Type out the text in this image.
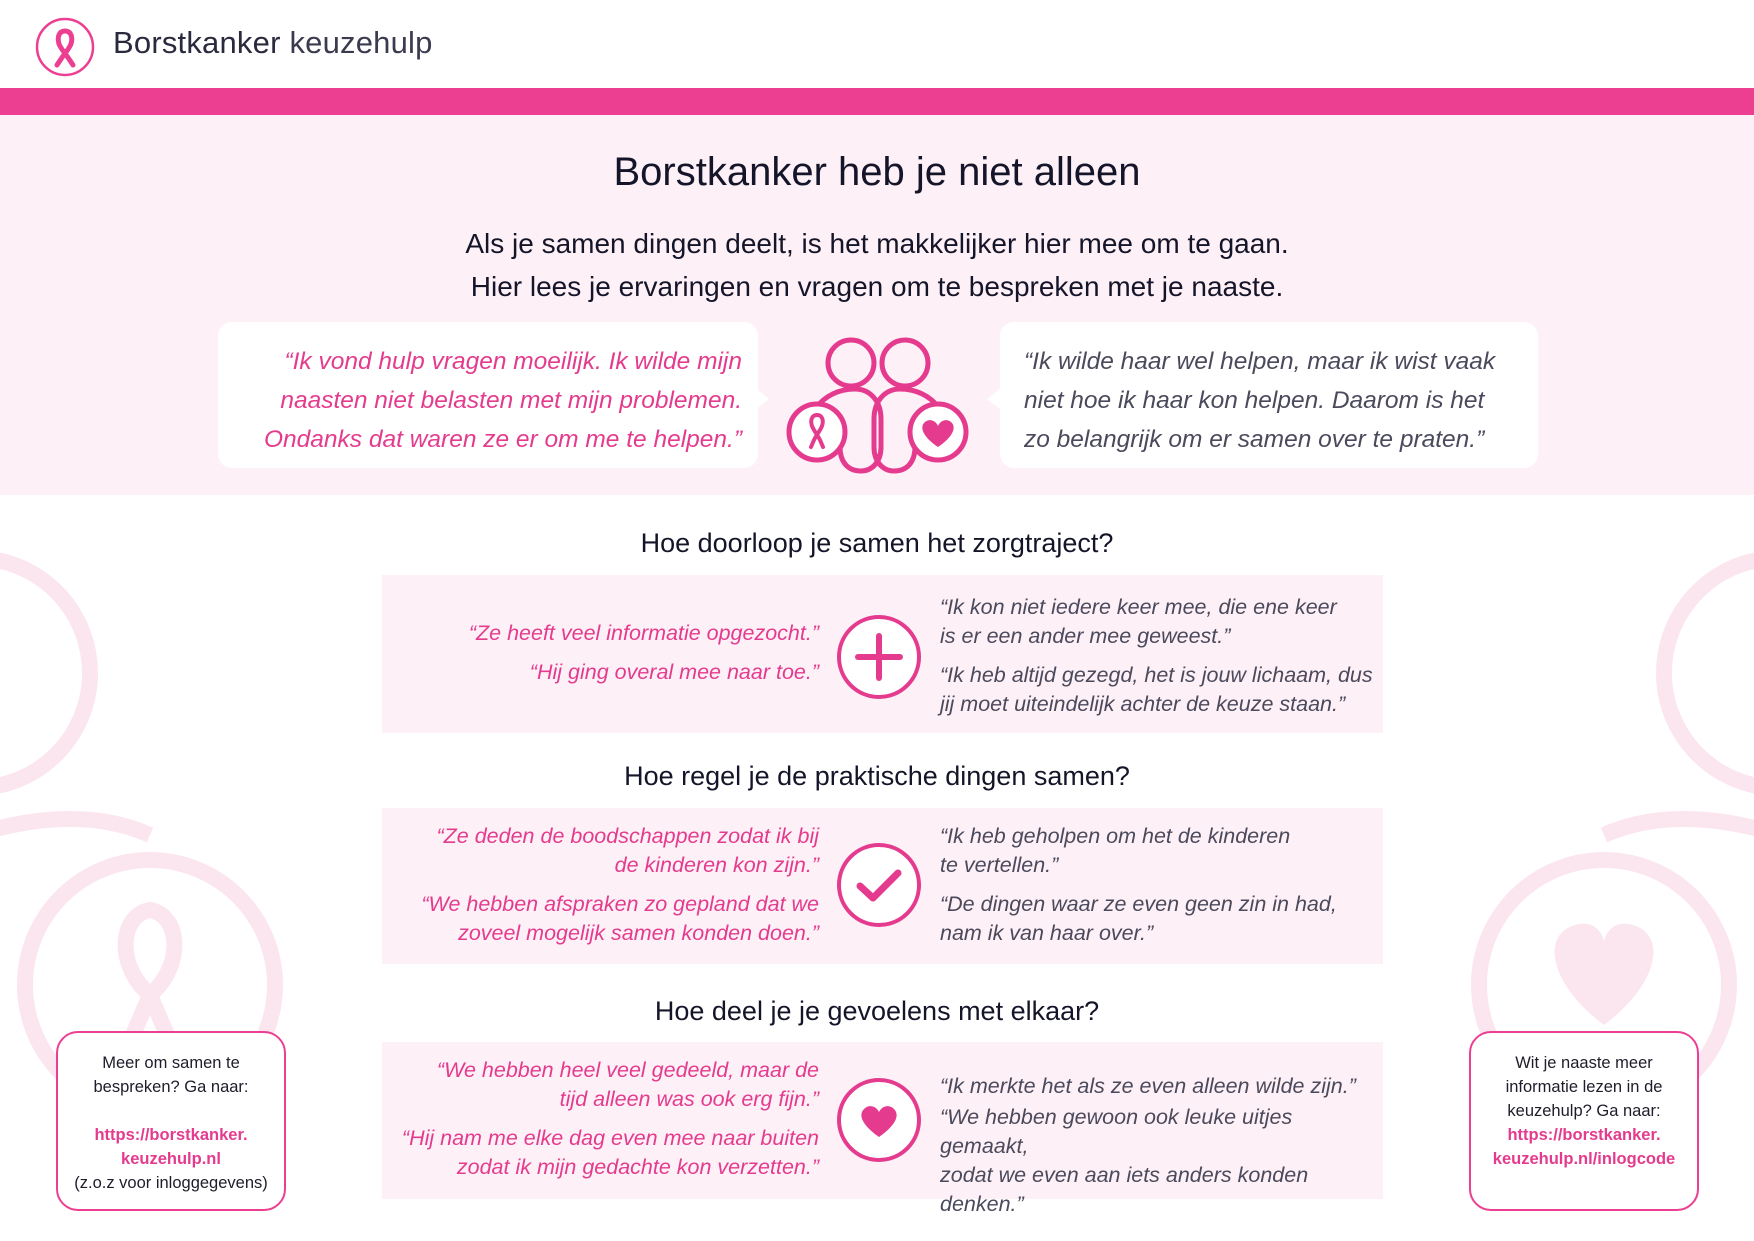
Borstkanker keuzehulp
Borstkanker heb je niet alleen
Als je samen dingen deelt, is het makkelijker hier mee om te gaan.
Hier lees je ervaringen en vragen om te bespreken met je naaste.
“Ik vond hulp vragen moeilijk. Ik wilde mijn
naasten niet belasten met mijn problemen.
Ondanks dat waren ze er om me te helpen.”
“Ik wilde haar wel helpen, maar ik wist vaak
niet hoe ik haar kon helpen. Daarom is het
zo belangrijk om er samen over te praten.”
Hoe doorloop je samen het zorgtraject?
“Ze heeft veel informatie opgezocht.”
“Hij ging overal mee naar toe.”
“Ik kon niet iedere keer mee, die ene keer
is er een ander mee geweest.”
“Ik heb altijd gezegd, het is jouw lichaam, dus
jij moet uiteindelijk achter de keuze staan.”
Hoe regel je de praktische dingen samen?
“Ze deden de boodschappen zodat ik bij
de kinderen kon zijn.”
“We hebben afspraken zo gepland dat we
zoveel mogelijk samen konden doen.”
“Ik heb geholpen om het de kinderen
te vertellen.”
“De dingen waar ze even geen zin in had,
nam ik van haar over.”
Hoe deel je je gevoelens met elkaar?
“We hebben heel veel gedeeld, maar de
tijd alleen was ook erg fijn.”
“Hij nam me elke dag even mee naar buiten
zodat ik mijn gedachte kon verzetten.”
“Ik merkte het als ze even alleen wilde zijn.”
“We hebben gewoon ook leuke uitjes gemaakt,
zodat we even aan iets anders konden denken.”
Meer om samen te
bespreken? Ga naar:
https://borstkanker.
keuzehulp.nl
(z.o.z voor inloggegevens)
Wit je naaste meer
informatie lezen in de
keuzehulp? Ga naar:
https://borstkanker.
keuzehulp.nl/inlogcode
